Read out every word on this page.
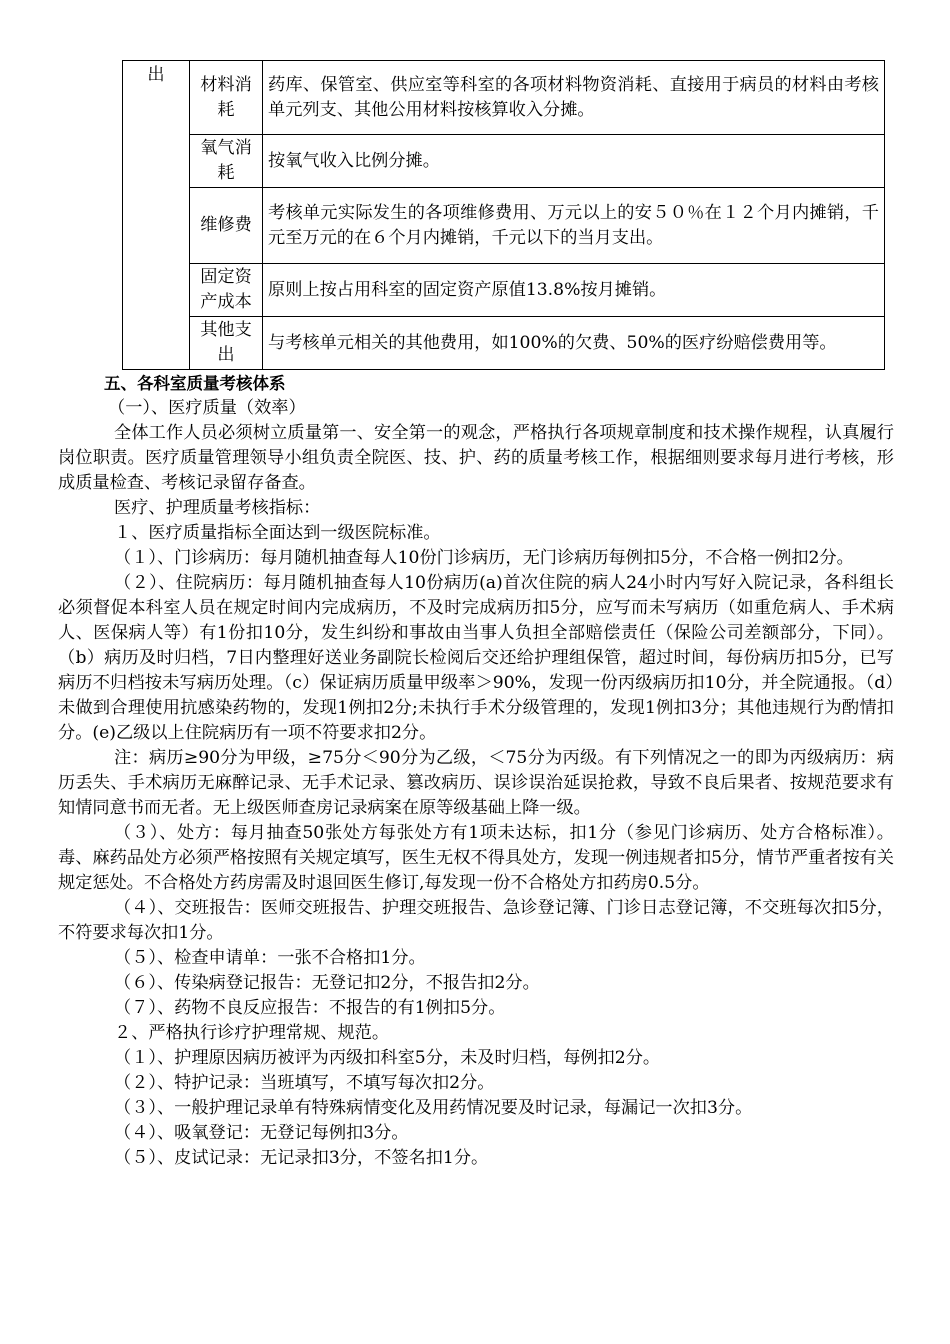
出	材料消耗	药库、保管室、供应室等科室的各项材料物资消耗、直接用于病员的材料由考核单元列支、其他公用材料按核算收入分摊。
	氧气消耗	按氧气收入比例分摊。
	维修费	考核单元实际发生的各项维修费用、万元以上的安５０％在１２个月内摊销，千元至万元的在６个月内摊销，千元以下的当月支出。
	固定资产成本	原则上按占用科室的固定资产原值13.8%按月摊销。
	其他支出	与考核单元相关的其他费用，如100%的欠费、50%的医疗纷赔偿费用等。
五、各科室质量考核体系

（一）、医疗质量（效率）

全体工作人员必须树立质量第一、安全第一的观念，严格执行各项规章制度和技术操作规程，认真履行岗位职责。医疗质量管理领导小组负责全院医、技、护、药的质量考核工作，根据细则要求每月进行考核，形成质量检查、考核记录留存备查。

医疗、护理质量考核指标：

１、医疗质量指标全面达到一级医院标准。

（１）、门诊病历：每月随机抽查每人10份门诊病历，无门诊病历每例扣5分，不合格一例扣2分。

（２）、住院病历：每月随机抽查每人10份病历(a)首次住院的病人24小时内写好入院记录，各科组长必须督促本科室人员在规定时间内完成病历，不及时完成病历扣5分，应写而未写病历（如重危病人、手术病人、医保病人等）有1份扣10分，发生纠纷和事故由当事人负担全部赔偿责任（保险公司差额部分，下同）。（b）病历及时归档，7日内整理好送业务副院长检阅后交还给护理组保管，超过时间，每份病历扣5分，已写病历不归档按未写病历处理。（c）保证病历质量甲级率＞90%，发现一份丙级病历扣10分，并全院通报。（d）未做到合理使用抗感染药物的，发现1例扣2分;未执行手术分级管理的，发现1例扣3分；其他违规行为酌情扣分。(e)乙级以上住院病历有一项不符要求扣2分。

注：病历≥90分为甲级，≥75分＜90分为乙级，＜75分为丙级。有下列情况之一的即为丙级病历：病历丢失、手术病历无麻醉记录、无手术记录、篡改病历、误诊误治延误抢救，导致不良后果者、按规范要求有知情同意书而无者。无上级医师查房记录病案在原等级基础上降一级。

（３）、处方：每月抽查50张处方每张处方有1项未达标，扣1分（参见门诊病历、处方合格标准）。毒、麻药品处方必须严格按照有关规定填写，医生无权不得具处方，发现一例违规者扣5分，情节严重者按有关规定惩处。不合格处方药房需及时退回医生修订,每发现一份不合格处方扣药房0.5分。

（４）、交班报告：医师交班报告、护理交班报告、急诊登记簿、门诊日志登记簿，不交班每次扣5分，不符要求每次扣1分。

（５）、检查申请单：一张不合格扣1分。

（６）、传染病登记报告：无登记扣2分，不报告扣2分。

（７）、药物不良反应报告：不报告的有1例扣5分。

２、严格执行诊疗护理常规、规范。

（１）、护理原因病历被评为丙级扣科室5分，未及时归档，每例扣2分。

（２）、特护记录：当班填写，不填写每次扣2分。

（３）、一般护理记录单有特殊病情变化及用药情况要及时记录，每漏记一次扣3分。

（４）、吸氧登记：无登记每例扣3分。

（５）、皮试记录：无记录扣3分，不签名扣1分。
